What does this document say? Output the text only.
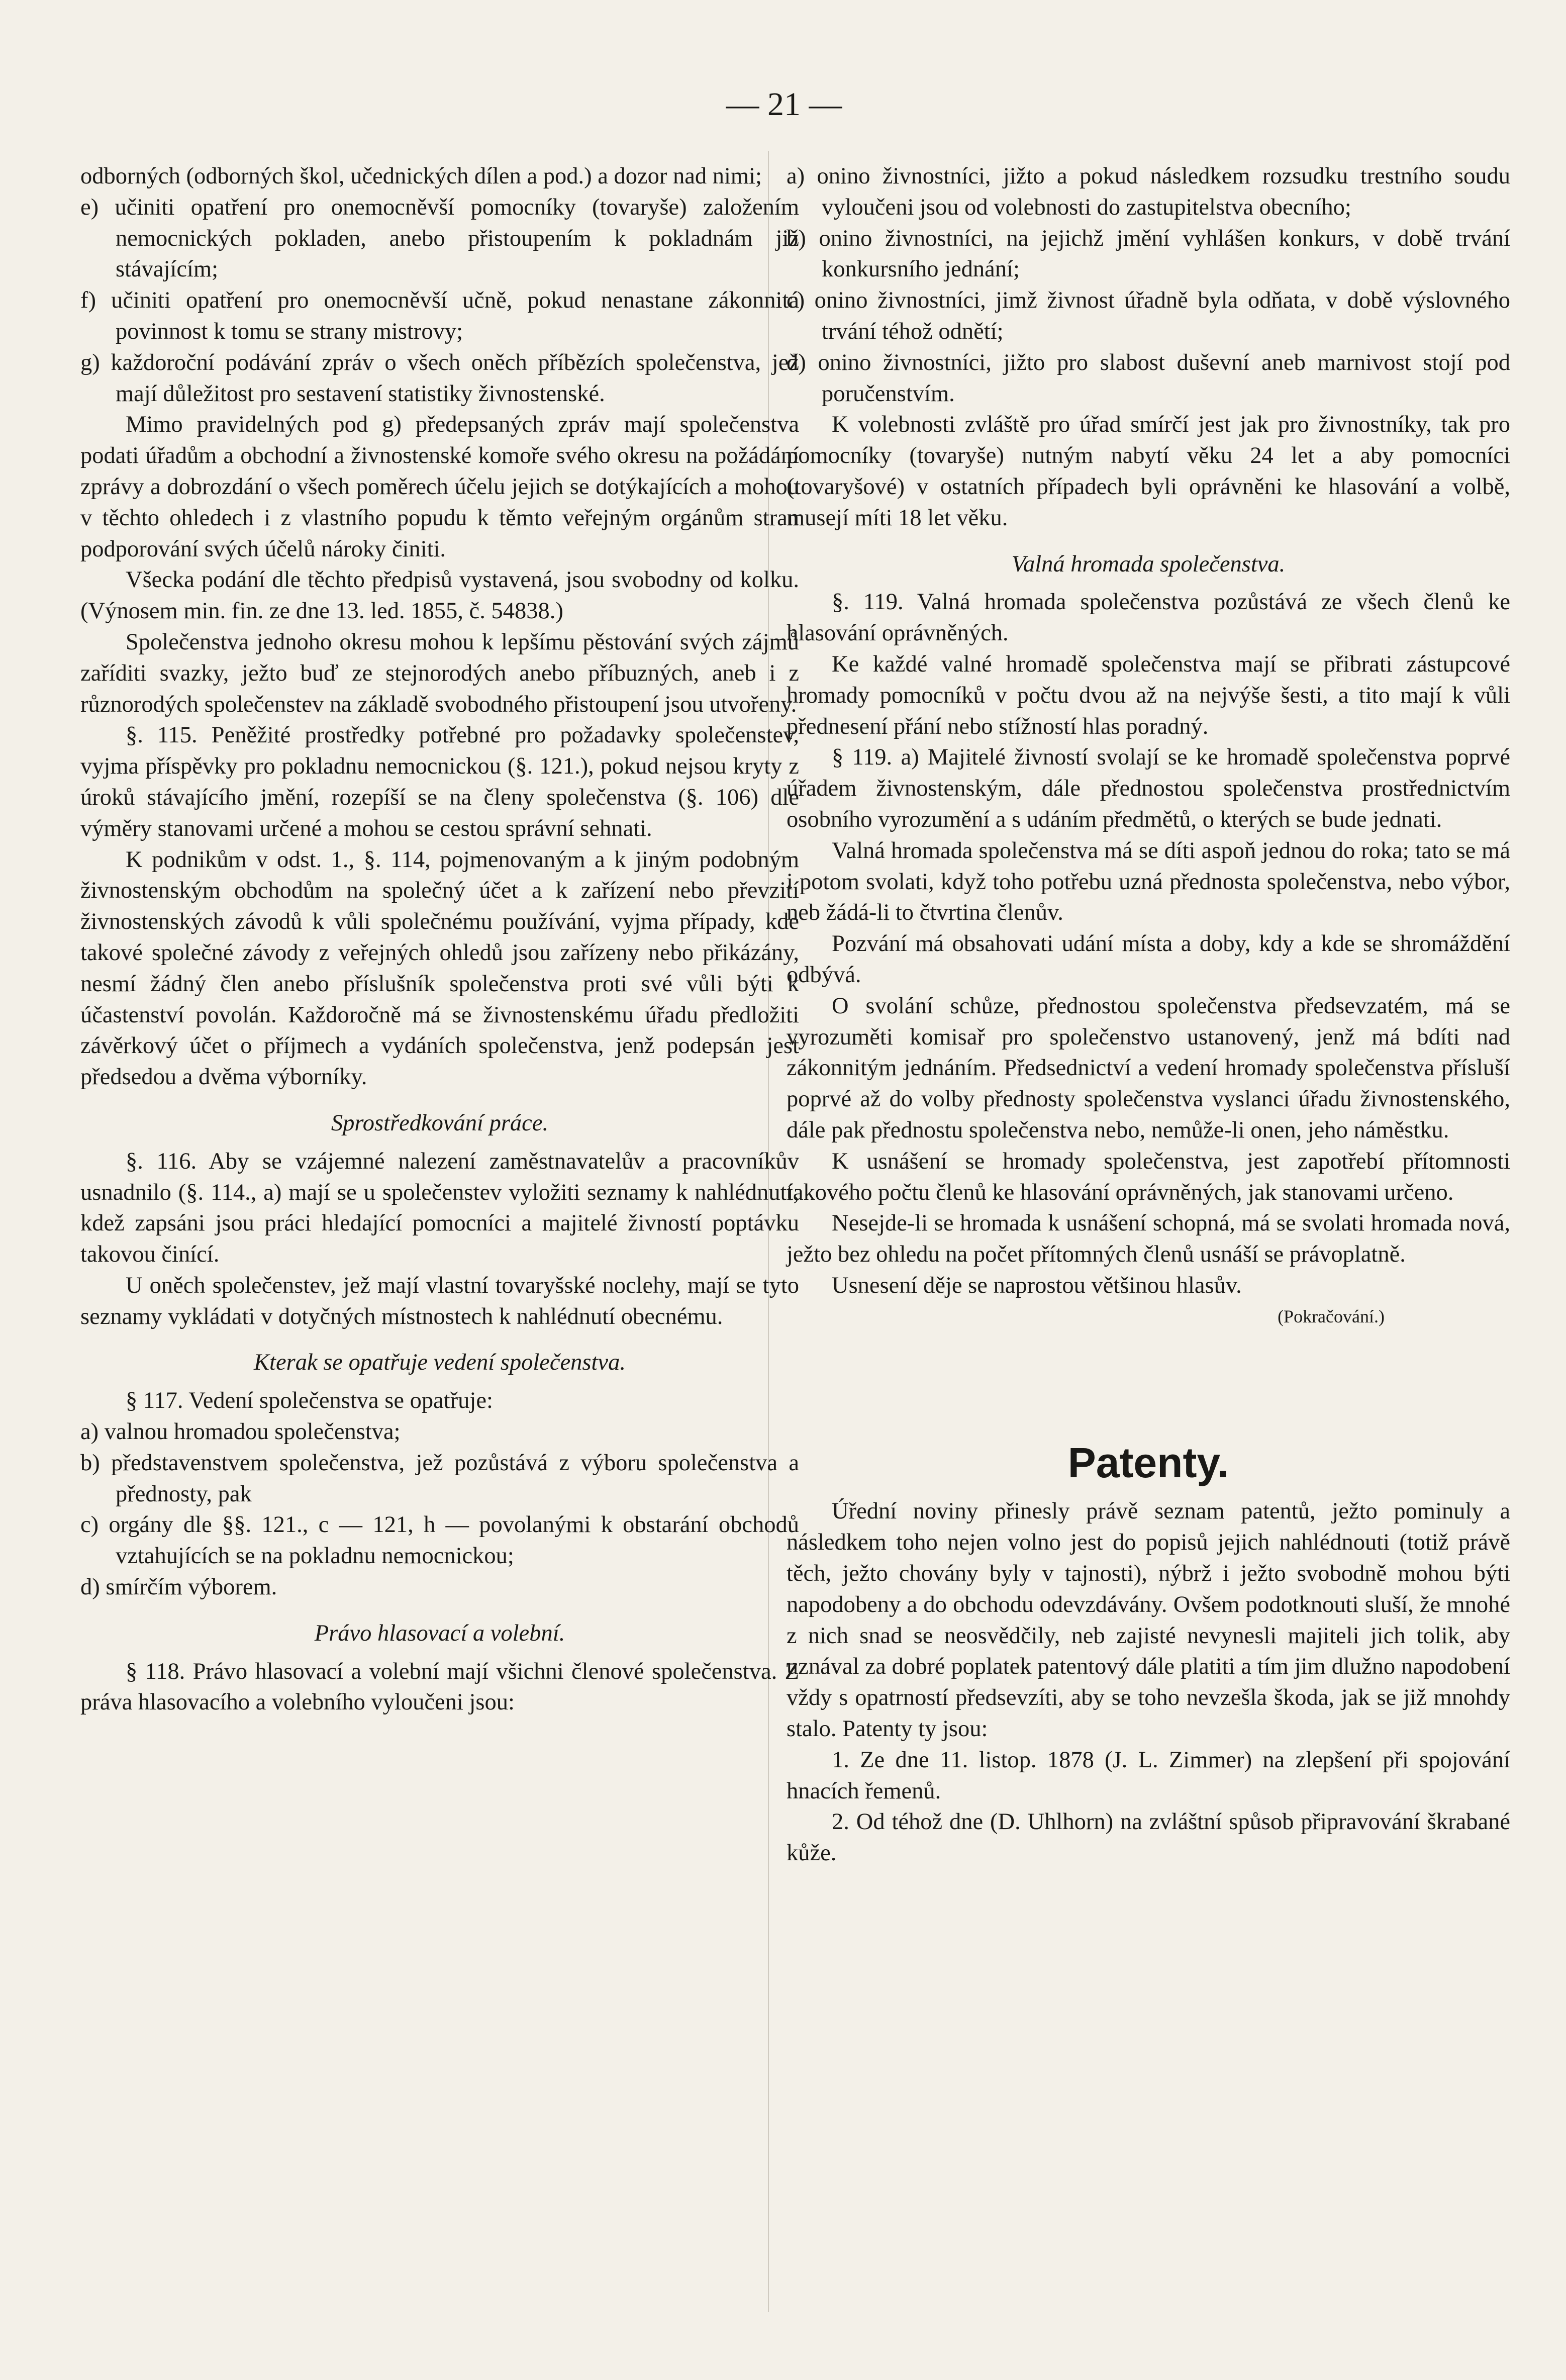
— 21 —

odborných (odborných škol, učednických dílen a pod.) a dozor nad nimi;

e) učiniti opatření pro onemocněvší pomocníky (tovaryše) založením nemocnických pokladen, anebo přistoupením k pokladnám již stávajícím;

f) učiniti opatření pro onemocněvší učně, pokud nenastane zákonnitá povinnost k tomu se strany mistrovy;

g) každoroční podávání zpráv o všech oněch příbězích společenstva, jež mají důležitost pro sestavení statistiky živnostenské.

Mimo pravidelných pod g) předepsaných zpráv mají společenstva podati úřadům a obchodní a živnostenské komoře svého okresu na požádání zprávy a dobrozdání o všech poměrech účelu jejich se dotýkajících a mohou v těchto ohledech i z vlastního popudu k těmto veřejným orgánům stran podporování svých účelů nároky činiti.

Všecka podání dle těchto předpisů vystavená, jsou svobodny od kolku. (Výnosem min. fin. ze dne 13. led. 1855, č. 54838.)

Společenstva jednoho okresu mohou k lepšímu pěstování svých zájmů zaříditi svazky, ježto buď ze stejnorodých anebo příbuzných, aneb i z různorodých společenstev na základě svobodného přistoupení jsou utvořeny.

§. 115. Peněžité prostředky potřebné pro požadavky společenstev, vyjma příspěvky pro pokladnu nemocnickou (§. 121.), pokud nejsou kryty z úroků stávajícího jmění, rozepíší se na členy společenstva (§. 106) dle výměry stanovami určené a mohou se cestou správní sehnati.

K podnikům v odst. 1., §. 114, pojmenovaným a k jiným podobným živnostenským obchodům na společný účet a k zařízení nebo převzití živnostenských závodů k vůli společnému používání, vyjma případy, kde takové společné závody z veřejných ohledů jsou zařízeny nebo přikázány, nesmí žádný člen anebo příslušník společenstva proti své vůli býti k účastenství povolán. Každoročně má se živnostenskému úřadu předložiti závěrkový účet o příjmech a vydáních společenstva, jenž podepsán jest předsedou a dvěma výborníky.

Sprostředkování práce.

§. 116. Aby se vzájemné nalezení zaměstnavatelův a pracovníkův usnadnilo (§. 114., a) mají se u společenstev vyložiti seznamy k nahlédnutí, kdež zapsáni jsou práci hledající pomocníci a majitelé živností poptávku takovou činící.

U oněch společenstev, jež mají vlastní tovaryšské noclehy, mají se tyto seznamy vykládati v dotyčných místnostech k nahlédnutí obecnému.

Kterak se opatřuje vedení společenstva.

§ 117. Vedení společenstva se opatřuje:

a) valnou hromadou společenstva;

b) představenstvem společenstva, jež pozůstává z výboru společenstva a přednosty, pak

c) orgány dle §§. 121., c — 121, h — povolanými k obstarání obchodů vztahujících se na pokladnu nemocnickou;

d) smírčím výborem.

Právo hlasovací a volební.

§ 118. Právo hlasovací a volební mají všichni členové společenstva. Z práva hlasovacího a volebního vyloučeni jsou:

a) onino živnostníci, jižto a pokud následkem rozsudku trestního soudu vyloučeni jsou od volebnosti do zastupitelstva obecního;

b) onino živnostníci, na jejichž jmění vyhlášen konkurs, v době trvání konkursního jednání;

c) onino živnostníci, jimž živnost úřadně byla odňata, v době výslovného trvání téhož odnětí;

d) onino živnostníci, jižto pro slabost duševní aneb marnivost stojí pod poručenstvím.

K volebnosti zvláště pro úřad smírčí jest jak pro živnostníky, tak pro pomocníky (tovaryše) nutným nabytí věku 24 let a aby pomocníci (tovaryšové) v ostatních případech byli oprávněni ke hlasování a volbě, musejí míti 18 let věku.

Valná hromada společenstva.

§. 119. Valná hromada společenstva pozůstává ze všech členů ke hlasování oprávněných.

Ke každé valné hromadě společenstva mají se přibrati zástupcové hromady pomocníků v počtu dvou až na nejvýše šesti, a tito mají k vůli přednesení přání nebo stížností hlas poradný.

§ 119. a) Majitelé živností svolají se ke hromadě společenstva poprvé úřadem živnostenským, dále přednostou společenstva prostřednictvím osobního vyrozumění a s udáním předmětů, o kterých se bude jednati.

Valná hromada společenstva má se díti aspoň jednou do roka; tato se má i potom svolati, když toho potřebu uzná přednosta společenstva, nebo výbor, neb žádá-li to čtvrtina členův.

Pozvání má obsahovati udání místa a doby, kdy a kde se shromáždění odbývá.

O svolání schůze, přednostou společenstva předsevzatém, má se vyrozuměti komisař pro společenstvo ustanovený, jenž má bdíti nad zákonnitým jednáním. Předsednictví a vedení hromady společenstva přísluší poprvé až do volby přednosty společenstva vyslanci úřadu živnostenského, dále pak přednostu společenstva nebo, nemůže-li onen, jeho náměstku.

K usnášení se hromady společenstva, jest zapotřebí přítomnosti takového počtu členů ke hlasování oprávněných, jak stanovami určeno.

Nesejde-li se hromada k usnášení schopná, má se svolati hromada nová, ježto bez ohledu na počet přítomných členů usnáší se právoplatně.

Usnesení děje se naprostou většinou hlasův.

(Pokračování.)

Patenty.

Úřední noviny přinesly právě seznam patentů, ježto pominuly a následkem toho nejen volno jest do popisů jejich nahlédnouti (totiž právě těch, ježto chovány byly v tajnosti), nýbrž i ježto svobodně mohou býti napodobeny a do obchodu odevzdávány. Ovšem podotknouti sluší, že mnohé z nich snad se neosvědčily, neb zajisté nevynesli majiteli jich tolik, aby uznával za dobré poplatek patentový dále platiti a tím jim dlužno napodobení vždy s opatrností předsevzíti, aby se toho nevzešla škoda, jak se již mnohdy stalo. Patenty ty jsou:

1. Ze dne 11. listop. 1878 (J. L. Zimmer) na zlepšení při spojování hnacích řemenů.

2. Od téhož dne (D. Uhlhorn) na zvláštní spůsob připravování škrabané kůže.
